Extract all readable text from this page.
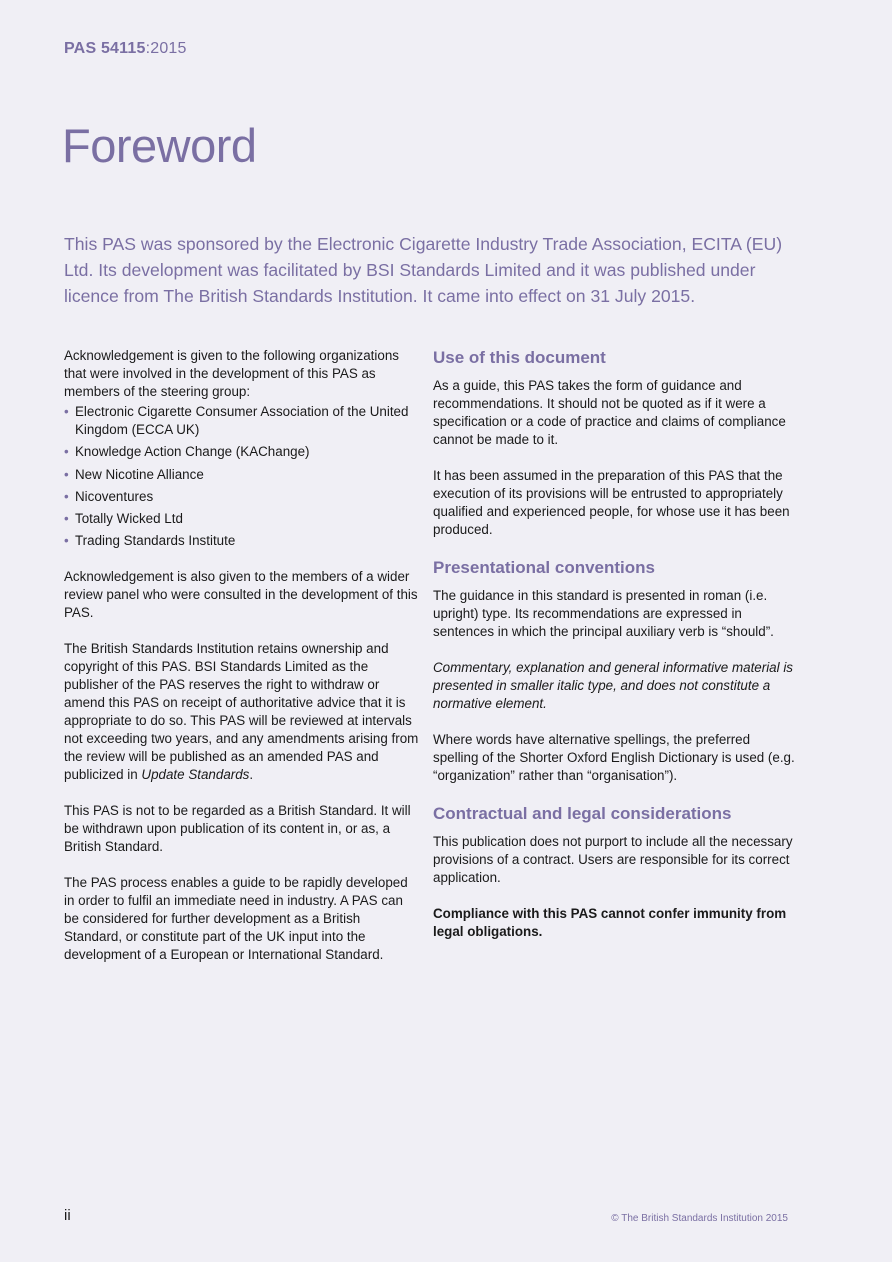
PAS 54115:2015
Foreword

This PAS was sponsored by the Electronic Cigarette Industry Trade Association, ECITA (EU) Ltd. Its development was facilitated by BSI Standards Limited and it was published under licence from The British Standards Institution. It came into effect on 31 July 2015.

Acknowledgement is given to the following organizations that were involved in the development of this PAS as members of the steering group:

• Electronic Cigarette Consumer Association of the United Kingdom (ECCA UK)
• Knowledge Action Change (KAChange)
• New Nicotine Alliance
• Nicoventures
• Totally Wicked Ltd
• Trading Standards Institute

Acknowledgement is also given to the members of a wider review panel who were consulted in the development of this PAS.

The British Standards Institution retains ownership and copyright of this PAS. BSI Standards Limited as the publisher of the PAS reserves the right to withdraw or amend this PAS on receipt of authoritative advice that it is appropriate to do so. This PAS will be reviewed at intervals not exceeding two years, and any amendments arising from the review will be published as an amended PAS and publicized in Update Standards.

This PAS is not to be regarded as a British Standard. It will be withdrawn upon publication of its content in, or as, a British Standard.

The PAS process enables a guide to be rapidly developed in order to fulfil an immediate need in industry. A PAS can be considered for further development as a British Standard, or constitute part of the UK input into the development of a European or International Standard.

Use of this document

As a guide, this PAS takes the form of guidance and recommendations. It should not be quoted as if it were a specification or a code of practice and claims of compliance cannot be made to it.

It has been assumed in the preparation of this PAS that the execution of its provisions will be entrusted to appropriately qualified and experienced people, for whose use it has been produced.

Presentational conventions

The guidance in this standard is presented in roman (i.e. upright) type. Its recommendations are expressed in sentences in which the principal auxiliary verb is “should”.

Commentary, explanation and general informative material is presented in smaller italic type, and does not constitute a normative element.

Where words have alternative spellings, the preferred spelling of the Shorter Oxford English Dictionary is used (e.g. “organization” rather than “organisation”).

Contractual and legal considerations

This publication does not purport to include all the necessary provisions of a contract. Users are responsible for its correct application.

Compliance with this PAS cannot confer immunity from legal obligations.

ii	© The British Standards Institution 2015
